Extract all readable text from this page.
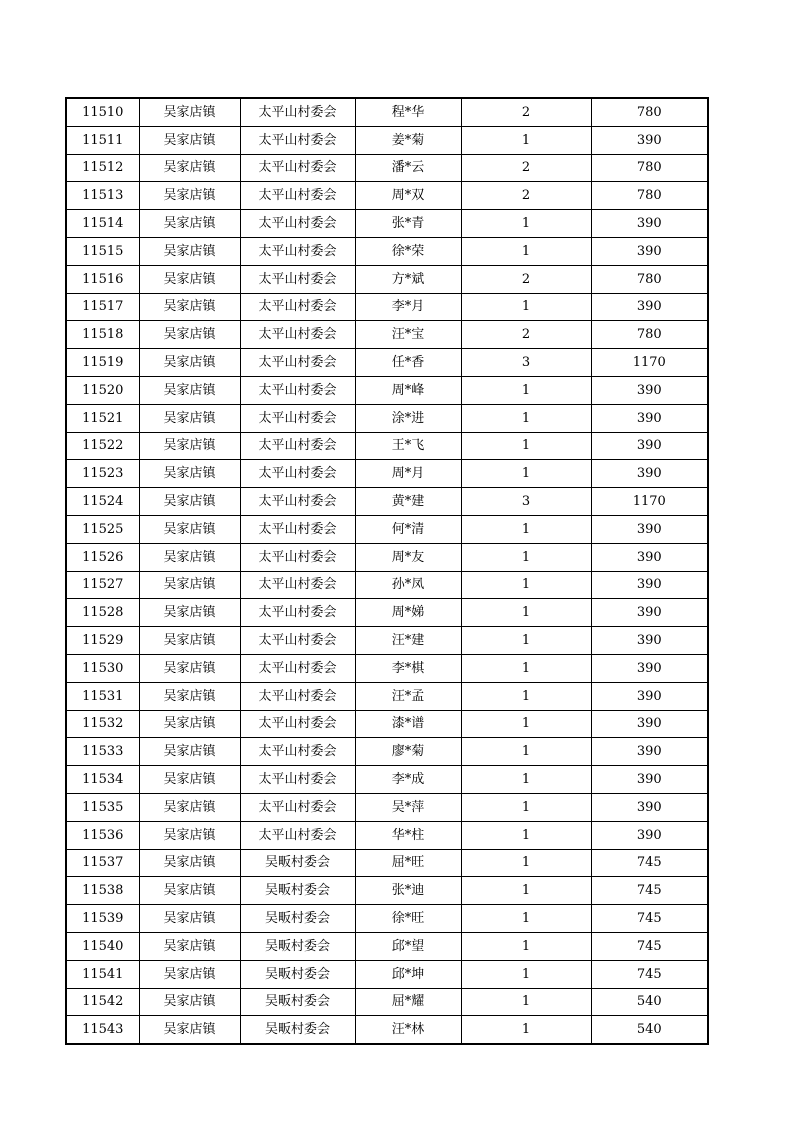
11510	吴家店镇	太平山村委会	程*华	2	780
11511	吴家店镇	太平山村委会	姜*菊	1	390
11512	吴家店镇	太平山村委会	潘*云	2	780
11513	吴家店镇	太平山村委会	周*双	2	780
11514	吴家店镇	太平山村委会	张*青	1	390
11515	吴家店镇	太平山村委会	徐*荣	1	390
11516	吴家店镇	太平山村委会	方*斌	2	780
11517	吴家店镇	太平山村委会	李*月	1	390
11518	吴家店镇	太平山村委会	汪*宝	2	780
11519	吴家店镇	太平山村委会	任*香	3	1170
11520	吴家店镇	太平山村委会	周*峰	1	390
11521	吴家店镇	太平山村委会	涂*进	1	390
11522	吴家店镇	太平山村委会	王*飞	1	390
11523	吴家店镇	太平山村委会	周*月	1	390
11524	吴家店镇	太平山村委会	黄*建	3	1170
11525	吴家店镇	太平山村委会	何*清	1	390
11526	吴家店镇	太平山村委会	周*友	1	390
11527	吴家店镇	太平山村委会	孙*凤	1	390
11528	吴家店镇	太平山村委会	周*娣	1	390
11529	吴家店镇	太平山村委会	汪*建	1	390
11530	吴家店镇	太平山村委会	李*棋	1	390
11531	吴家店镇	太平山村委会	汪*孟	1	390
11532	吴家店镇	太平山村委会	漆*谱	1	390
11533	吴家店镇	太平山村委会	廖*菊	1	390
11534	吴家店镇	太平山村委会	李*成	1	390
11535	吴家店镇	太平山村委会	吴*萍	1	390
11536	吴家店镇	太平山村委会	华*柱	1	390
11537	吴家店镇	吴畈村委会	屈*旺	1	745
11538	吴家店镇	吴畈村委会	张*迪	1	745
11539	吴家店镇	吴畈村委会	徐*旺	1	745
11540	吴家店镇	吴畈村委会	邱*望	1	745
11541	吴家店镇	吴畈村委会	邱*坤	1	745
11542	吴家店镇	吴畈村委会	屈*耀	1	540
11543	吴家店镇	吴畈村委会	汪*林	1	540
